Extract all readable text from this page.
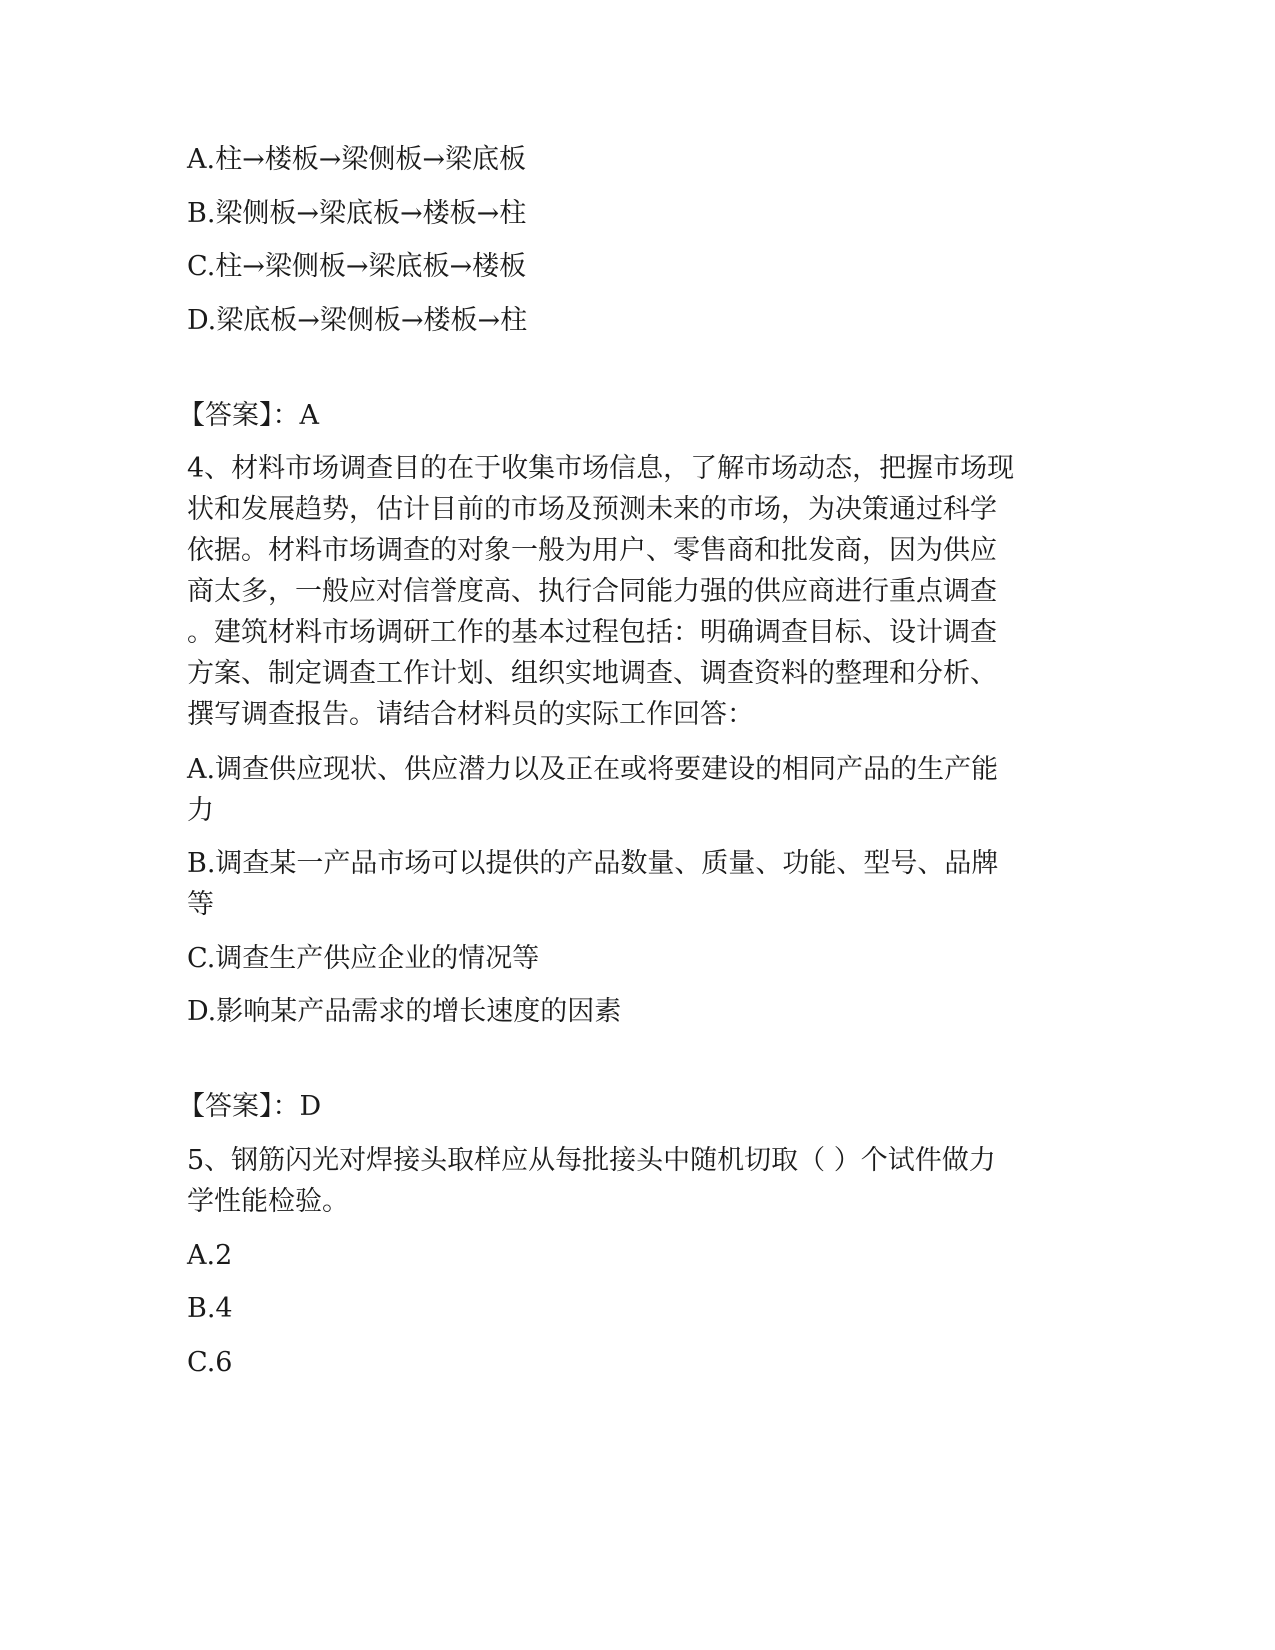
A.柱→楼板→梁侧板→梁底板
B.梁侧板→梁底板→楼板→柱
C.柱→梁侧板→梁底板→楼板
D.梁底板→梁侧板→楼板→柱
【答案】：A
4、材料市场调查目的在于收集市场信息，了解市场动态，把握市场现
状和发展趋势，估计目前的市场及预测未来的市场，为决策通过科学
依据。材料市场调查的对象一般为用户、零售商和批发商，因为供应
商太多，一般应对信誉度高、执行合同能力强的供应商进行重点调查
。建筑材料市场调研工作的基本过程包括：明确调查目标、设计调查
方案、制定调查工作计划、组织实地调查、调查资料的整理和分析、
撰写调查报告。请结合材料员的实际工作回答：
A.调查供应现状、供应潜力以及正在或将要建设的相同产品的生产能
力
B.调查某一产品市场可以提供的产品数量、质量、功能、型号、品牌
等
C.调查生产供应企业的情况等
D.影响某产品需求的增长速度的因素
【答案】：D
5、钢筋闪光对焊接头取样应从每批接头中随机切取（ ）个试件做力
学性能检验。
A.2
B.4
C.6
